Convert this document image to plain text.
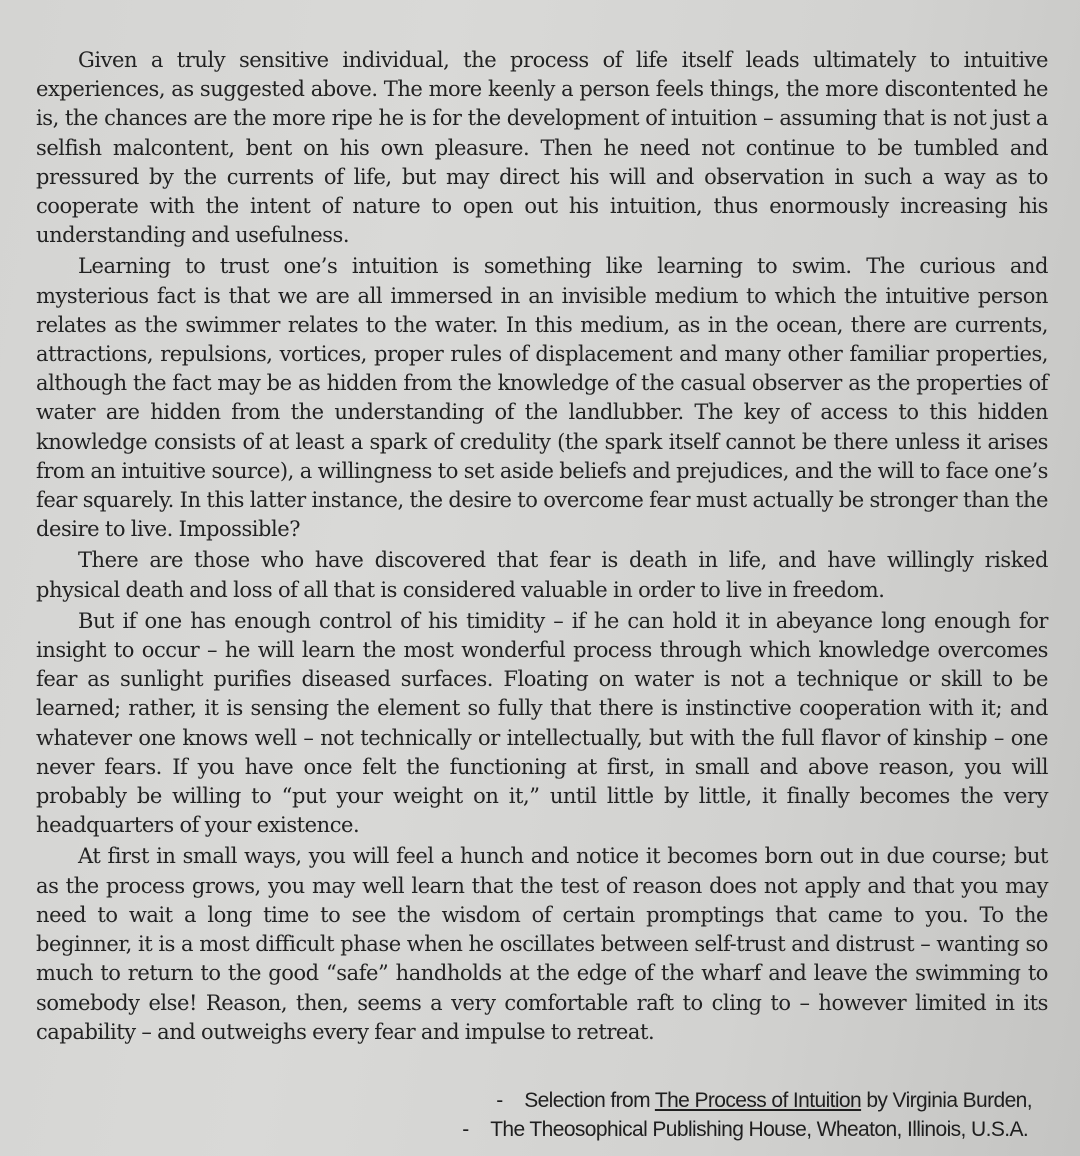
Given a truly sensitive individual, the process of life itself leads ultimately to intuitive experiences, as suggested above. The more keenly a person feels things, the more discontented he is, the chances are the more ripe he is for the development of intuition – assuming that is not just a selfish malcontent, bent on his own pleasure. Then he need not continue to be tumbled and pressured by the currents of life, but may direct his will and observation in such a way as to cooperate with the intent of nature to open out his intuition, thus enormously increasing his understanding and usefulness.

Learning to trust one’s intuition is something like learning to swim. The curious and mysterious fact is that we are all immersed in an invisible medium to which the intuitive person relates as the swimmer relates to the water. In this medium, as in the ocean, there are currents, attractions, repulsions, vortices, proper rules of displacement and many other familiar properties, although the fact may be as hidden from the knowledge of the casual observer as the properties of water are hidden from the understanding of the landlubber. The key of access to this hidden knowledge consists of at least a spark of credulity (the spark itself cannot be there unless it arises from an intuitive source), a willingness to set aside beliefs and prejudices, and the will to face one’s fear squarely. In this latter instance, the desire to overcome fear must actually be stronger than the desire to live. Impossible?

There are those who have discovered that fear is death in life, and have willingly risked physical death and loss of all that is considered valuable in order to live in freedom.

But if one has enough control of his timidity – if he can hold it in abeyance long enough for insight to occur – he will learn the most wonderful process through which knowledge overcomes fear as sunlight purifies diseased surfaces. Floating on water is not a technique or skill to be learned; rather, it is sensing the element so fully that there is instinctive cooperation with it; and whatever one knows well – not technically or intellectually, but with the full flavor of kinship – one never fears. If you have once felt the functioning at first, in small and above reason, you will probably be willing to “put your weight on it,” until little by little, it finally becomes the very headquarters of your existence.

At first in small ways, you will feel a hunch and notice it becomes born out in due course; but as the process grows, you may well learn that the test of reason does not apply and that you may need to wait a long time to see the wisdom of certain promptings that came to you. To the beginner, it is a most difficult phase when he oscillates between self-trust and distrust – wanting so much to return to the good “safe” handholds at the edge of the wharf and leave the swimming to somebody else! Reason, then, seems a very comfortable raft to cling to – however limited in its capability – and outweighs every fear and impulse to retreat.

- Selection from The Process of Intuition by Virginia Burden,
- The Theosophical Publishing House, Wheaton, Illinois, U.S.A.
